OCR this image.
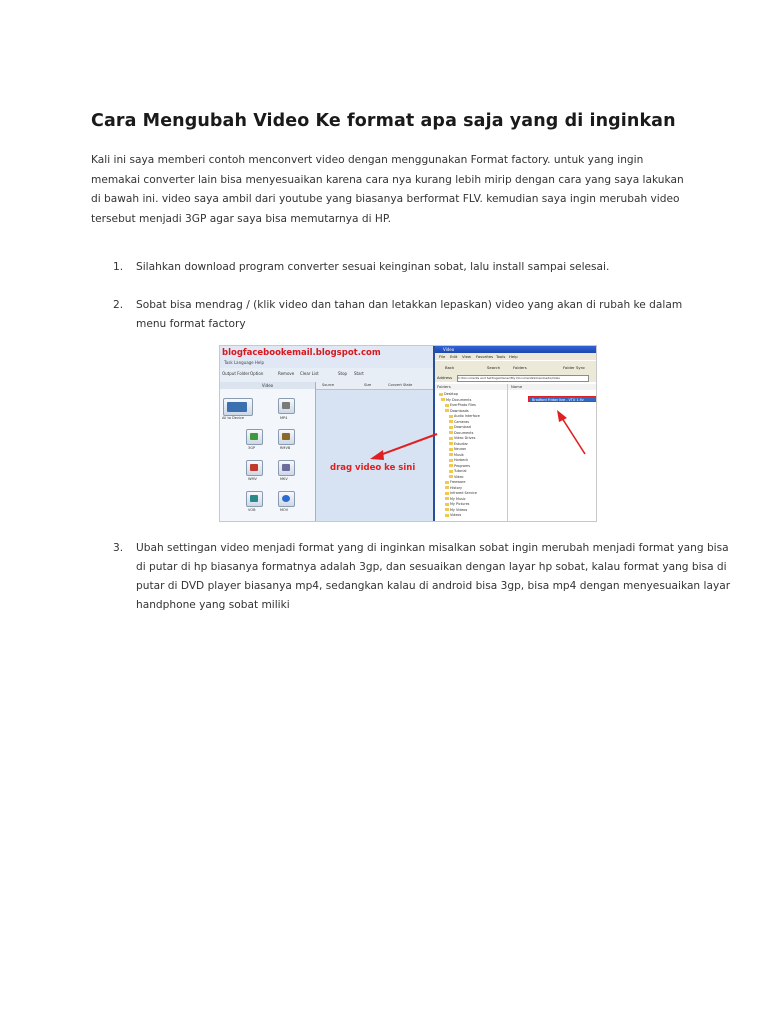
Cara Mengubah Video Ke format apa saja yang di inginkan
Kali ini saya memberi contoh menconvert video dengan menggunakan Format factory. untuk yang ingin memakai converter lain bisa menyesuaikan karena cara nya kurang lebih mirip dengan cara yang saya lakukan di bawah ini. video saya ambil dari youtube yang biasanya berformat FLV. kemudian saya ingin merubah video tersebut menjadi 3GP agar saya bisa memutarnya di HP.
1. Silahkan download program converter sesuai keinginan sobat, lalu install sampai selesai.
2. Sobat bisa mendrag / (klik video dan tahan dan letakkan lepaskan) video yang akan di rubah ke dalam menu format factory
blogfacebookemail.blogspot.com
Task Language Help
Output Folder Option	Remove Clear List	Stop Start
Video
All to Device	MP4
3GP	RMVB
WMV	MKV
VOB	MOV
Source	Size	Convert State
drag video ke sini
Video
File Edit View Favorites Tools Help
Back	Search	Folders	Folder Sync
Address	C:\Documents and Settings\Owner\My Documents\Downloads\Video
Folders
Desktop
My Documents
EverPhoto Files
Downloads
Audio Interface
Cameras
Download
Documents
Video Drives
Estudiar
Neuron
Musik
Horbeck
Programs
Tutorial
Video
Freeware
History
Infrared Service
My Music
My Pictures
My Videos
Videos
Name
Bradford Friday live - VTU 1.flv
3. Ubah settingan video menjadi format yang di inginkan misalkan sobat ingin merubah menjadi format yang bisa di putar di hp biasanya formatnya adalah 3gp, dan sesuaikan dengan layar hp sobat, kalau format yang bisa di putar di DVD player biasanya mp4, sedangkan kalau di android bisa 3gp, bisa mp4 dengan menyesuaikan layar handphone yang sobat miliki
